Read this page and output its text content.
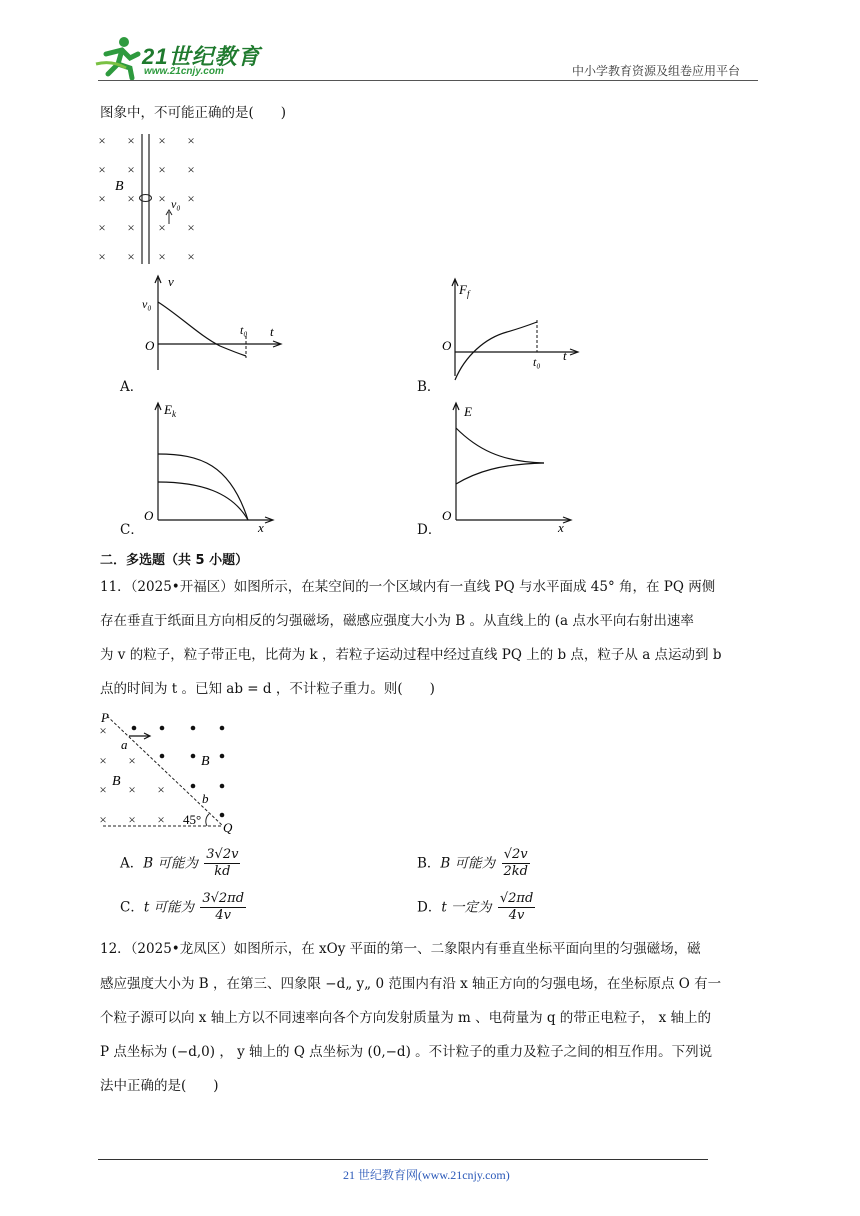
21世纪教育
www.21cnjy.com	中小学教育资源及组卷应用平台
图象中，不可能正确的是(　　)
× × × ×
× × × ×
× × × ×
× × × ×
× × × ×
B
v₀
v
v₀
O
t₀ t
A．
$F_f$
O
t₀ t
B．
$E_k$
O
x
C．
E
O
x
D．
二．多选题（共 5 小题）
11．（2025•开福区）如图所示，在某空间的一个区域内有一直线 PQ 与水平面成 45° 角，在 PQ 两侧
存在垂直于纸面且方向相反的匀强磁场，磁感应强度大小为 B 。从直线上的 (a 点水平向右射出速率
为 v 的粒子，粒子带正电，比荷为 k ，若粒子运动过程中经过直线 PQ 上的 b 点，粒子从 a 点运动到 b
点的时间为 t 。已知 ab = d ，不计粒子重力。则(　　)
P
Q
×
× ×
× × ×
× × ×
a
B
B
b
45°
A．B 可能为 $\frac{3√2v}{kd}$	B．B 可能为 $\frac{√2v}{2kd}$
C．t 可能为 $\frac{3√2\pi d}{4v}$	D．t 一定为 $\frac{√2\pi d}{4v}$
12．（2025•龙凤区）如图所示，在 xOy 平面的第一、二象限内有垂直坐标平面向里的匀强磁场，磁
感应强度大小为 B ，在第三、四象限 −d„ y„ 0 范围内有沿 x 轴正方向的匀强电场，在坐标原点 O 有一
个粒子源可以向 x 轴上方以不同速率向各个方向发射质量为 m 、电荷量为 q 的带正电粒子， x 轴上的
P 点坐标为 (−d,0) ， y 轴上的 Q 点坐标为 (0,−d) 。不计粒子的重力及粒子之间的相互作用。下列说
法中正确的是(　　)
21 世纪教育网(www.21cnjy.com)
